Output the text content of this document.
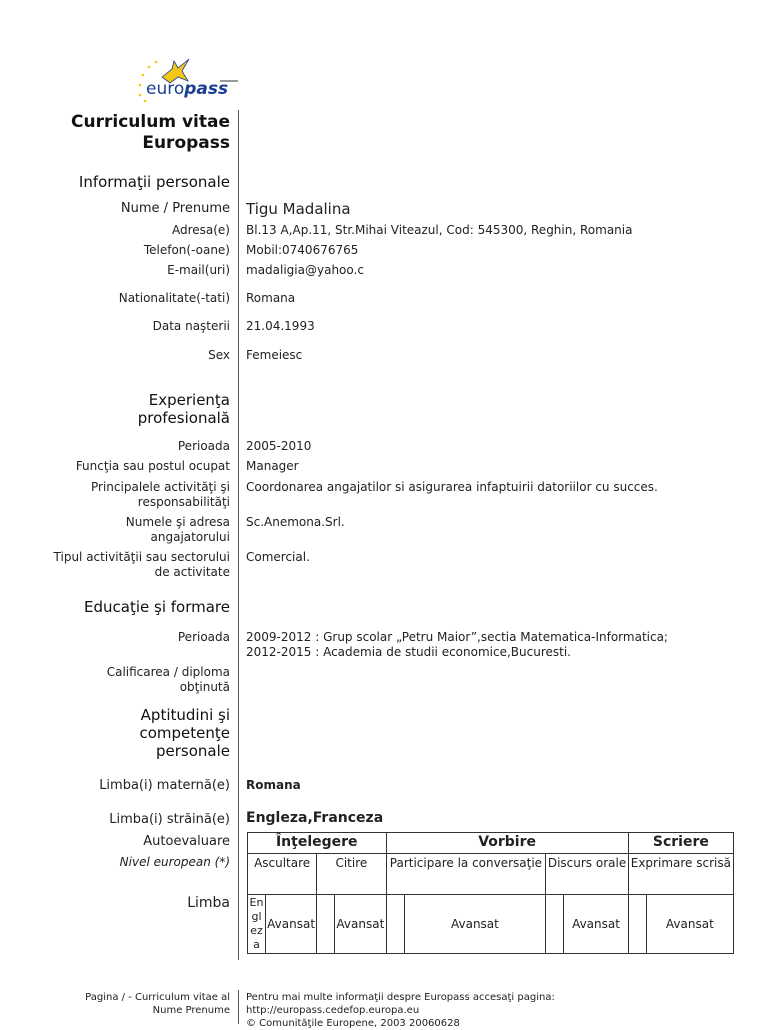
europass
Curriculum vitae
Europass
Informaţii personale
Nume / Prenume Tigu Madalina
Adresa(e) Bl.13 A,Ap.11, Str.Mihai Viteazul, Cod: 545300, Reghin, Romania
Telefon(-oane) Mobil:0740676765
E-mail(uri) madaligia@yahoo.c
Nationalitate(-tati) Romana
Data naşterii 21.04.1993
Sex Femeiesc
Experienţa
profesională
Perioada 2005-2010
Funcţia sau postul ocupat Manager
Principalele activităţi şi
responsabilităţi
Coordonarea angajatilor si asigurarea infaptuirii datoriilor cu succes.
Numele şi adresa
angajatorului
Sc.Anemona.Srl.
Tipul activităţii sau sectorului
de activitate
Comercial.
Educaţie şi formare
Perioada 2009-2012 : Grup scolar „Petru Maior”,sectia Matematica-Informatica;
2012-2015 : Academia de studii economice,Bucuresti.
Calificarea / diploma
obţinută
Aptitudini şi
competenţe
personale
Limba(i) maternă(e) Romana
Limba(i) străină(e) Engleza,Franceza
Autoevaluare
Nivel european (*)
Limba
Înţelegere				Vorbire				Scriere	
Ascultare		Citire		Participare la conversaţie		Discurs orale		Exprimare scrisă	

En
gl
ez
a	Avansat		Avansat		Avansat		Avansat		Avansat
Pagina / - Curriculum vitae al
Nume Prenume
Pentru mai multe informaţii despre Europass accesaţi pagina:
http://europass.cedefop.europa.eu
© Comunităţile Europene, 2003 20060628
